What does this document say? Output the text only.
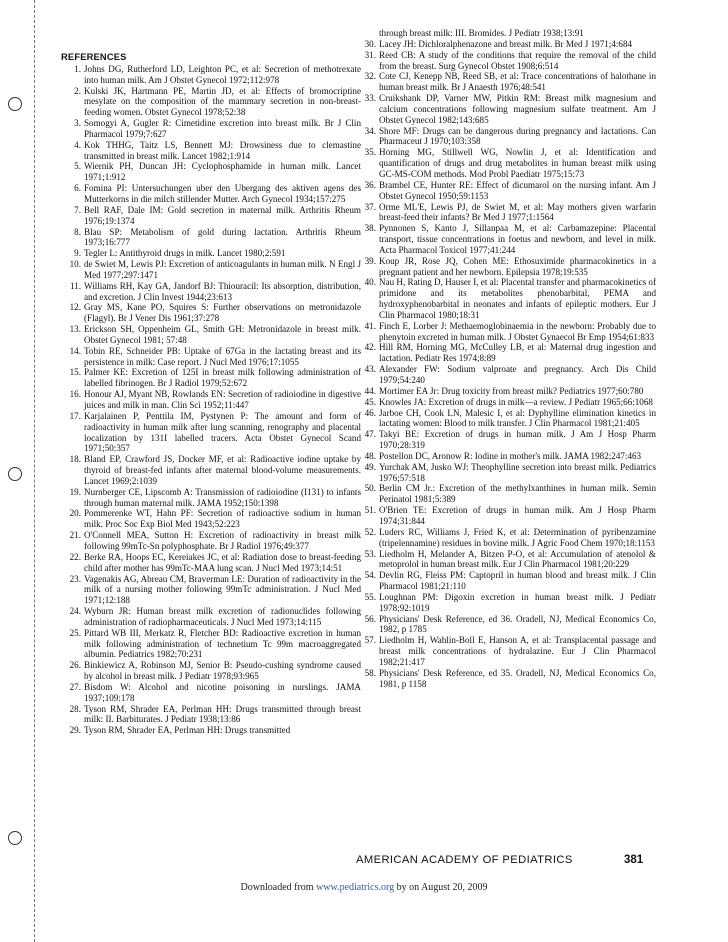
REFERENCES
1. Johns DG, Rutherford LD, Leighton PC, et al: Secretion of methotrexate into human milk. Am J Obstet Gynecol 1972;112:978
2. Kulski JK, Hartmann PE, Martin JD, et al: Effects of bromocriptine mesylate on the composition of the mammary secretion in non-breast-feeding women. Obstet Gynecol 1978;52:38
3. Somogyi A, Gugler R: Cimetidine excretion into breast milk. Br J Clin Pharmacol 1979;7:627
4. Kok THHG, Taitz LS, Bennett MJ: Drowsiness due to clemastine transmitted in breast milk. Lancet 1982;1:914
5. Wiernik PH, Duncan JH: Cyclophosphamide in human milk. Lancet 1971;1:912
6. Fomina PI: Untersuchungen uber den Ubergang des aktiven agens des Mutterkorns in die milch stillender Mutter. Arch Gynecol 1934;157:275
7. Bell RAF, Dale IM: Gold secretion in maternal milk. Arthritis Rheum 1976;19:1374
8. Blau SP: Metabolism of gold during lactation. Arthritis Rheum 1973;16:777
9. Tegler L: Antithyroid drugs in milk. Lancet 1980;2:591
10. de Swiet M, Lewis PJ: Excretion of anticoagulants in human milk. N Engl J Med 1977;297:1471
11. Williams RH, Kay GA, Jandorf BJ: Thiouracil: Its absorption, distribution, and excretion. J Clin Invest 1944;23:613
12. Gray MS, Kane PO, Squires S: Further observations on metronidazole (Flagyl). Br J Vener Dis 1961;37:278
13. Erickson SH, Oppenheim GL, Smith GH: Metronidazole in breast milk. Obstet Gynecol 1981; 57:48
14. Tobin RE, Schneider PB: Uptake of 67Ga in the lactating breast and its persistence in milk: Case report. J Nucl Med 1976;17:1055
15. Palmer KE: Excretion of 125I in breast milk following administration of labelled fibrinogen. Br J Radiol 1979;52:672
16. Honour AJ, Myant NB, Rowlands EN: Secretion of radioiodine in digestive juices and milk in man. Clin Sci 1952;11:447
17. Karjalainen P, Penttila IM, Pystynen P: The amount and form of radioactivity in human milk after lung scanning, renography and placental localization by 131I labelled tracers. Acta Obstet Gynecol Scand 1971;50:357
18. Bland EP, Crawford JS, Docker MF, et al: Radioactive iodine uptake by thyroid of breast-fed infants after maternal blood-volume measurements. Lancet 1969;2:1039
19. Nurnberger CE, Lipscomb A: Transmission of radioiodine (I131) to infants through human maternal milk. JAMA 1952;150:1398
20. Pommerenke WT, Hahn PF: Secretion of radioactive sodium in human milk. Proc Soc Exp Biol Med 1943;52:223
21. O'Connell MEA, Sutton H: Excretion of radioactivity in breast milk following 99mTc-Sn polyphosphate. Br J Radiol 1976;49:377
22. Berke RA, Hoops EC, Kereiakes JC, et al: Radiation dose to breast-feeding child after mother has 99mTc-MAA lung scan. J Nucl Med 1973;14:51
23. Vagenakis AG, Abreau CM, Braverman LE: Duration of radioactivity in the milk of a nursing mother following 99mTc administration. J Nucl Med 1971;12:188
24. Wyburn JR: Human breast milk excretion of radionuclides following administration of radiopharmaceuticals. J Nucl Med 1973;14:115
25. Pittard WB III, Merkatz R, Fletcher BD: Radioactive excretion in human milk following administration of technetium Tc 99m macroaggregated albumin. Pediatrics 1982;70:231
26. Binkiewicz A, Robinson MJ, Senior B: Pseudo-cushing syndrome caused by alcohol in breast milk. J Pediatr 1978;93:965
27. Bisdom W: Alcohol and nicotine poisoning in nurslings. JAMA 1937;109:178
28. Tyson RM, Shrader EA, Perlman HH: Drugs transmitted through breast milk: II. Barbiturates. J Pediatr 1938;13:86
29. Tyson RM, Shrader EA, Perlman HH: Drugs transmitted
through breast milk: III. Bromides. J Pediatr 1938;13:91
30. Lacey JH: Dichloralphenazone and breast milk. Br Med J 1971;4:684
31. Reed CB: A study of the conditions that require the removal of the child from the breast. Surg Gynecol Obstet 1908;6:514
32. Cote CJ, Kenepp NB, Reed SB, et al: Trace concentrations of halothane in human breast milk. Br J Anaesth 1976;48:541
33. Cruikshank DP, Varner MW, Pitkin RM: Breast milk magnesium and calcium concentrations following magnesium sulfate treatment. Am J Obstet Gynecol 1982;143:685
34. Shore MF: Drugs can be dangerous during pregnancy and lactations. Can Pharmaceut J 1970;103:358
35. Horning MG, Stillwell WG, Nowlin J, et al: Identification and quantification of drugs and drug metabolites in human breast milk using GC-MS-COM methods. Mod Probl Paediatr 1975;15:73
36. Brambel CE, Hunter RE: Effect of dicumarol on the nursing infant. Am J Obstet Gynecol 1950;59:1153
37. Orme ML'E, Lewis PJ, de Swiet M, et al: May mothers given warfarin breast-feed their infants? Br Med J 1977;1:1564
38. Pynnonen S, Kanto J, Sillanpaa M, et al: Carbamazepine: Placental transport, tissue concentrations in foetus and newborn, and level in milk. Acta Pharmacol Toxicol 1977;41:244
39. Koup JR, Rose JQ, Cohen ME: Ethosuximide pharmacokinetics in a pregnant patient and her newborn. Epilepsia 1978;19:535
40. Nau H, Rating D, Hauser I, et al: Placental transfer and pharmacokinetics of primidone and its metabolites phenobarbital, PEMA and hydroxyphenobarbital in neonates and infants of epileptic mothers. Eur J Clin Pharmacol 1980;18:31
41. Finch E, Lorber J: Methaemoglobinaemia in the newborn: Probably due to phenytoin excreted in human milk. J Obstet Gynaecol Br Emp 1954;61:833
42. Hill RM, Horning MG, McCulley LB, et al: Maternal drug ingestion and lactation. Pediatr Res 1974;8:89
43. Alexander FW: Sodium valproate and pregnancy. Arch Dis Child 1979;54:240
44. Mortimer EA Jr: Drug toxicity from breast milk? Pediatrics 1977;60:780
45. Knowles JA: Excretion of drugs in milk—a review. J Pediatr 1965;66:1068
46. Jarboe CH, Cook LN, Malesic I, et al: Dyphylline elimination kinetics in lactating women: Blood to milk transfer. J Clin Pharmacol 1981;21:405
47. Takyi BE: Excretion of drugs in human milk. J Am J Hosp Pharm 1970;28:319
48. Postellon DC, Aronow R: Iodine in mother's milk. JAMA 1982;247:463
49. Yurchak AM, Jusko WJ: Theophylline secretion into breast milk. Pediatrics 1976;57:518
50. Berlin CM Jr.: Excretion of the methylxanthines in human milk. Semin Perinatol 1981;5:389
51. O'Brien TE: Excretion of drugs in human milk. Am J Hosp Pharm 1974;31:844
52. Luders RC, Williams J, Fried K, et al: Determination of pyribenzamine (tripelennamine) residues in bovine milk. J Agric Food Chem 1970;18:1153
53. Liedholm H, Melander A, Bitzen P-O, et al: Accumulation of atenolol & metoprolol in human breast milk. Eur J Clin Pharmacol 1981;20:229
54. Devlin RG, Fleiss PM: Captopril in human blood and breast milk. J Clin Pharmacol 1981;21:110
55. Loughnan PM: Digoxin excretion in human breast milk. J Pediatr 1978;92:1019
56. Physicians' Desk Reference, ed 36. Oradell, NJ, Medical Economics Co, 1982, p 1785
57. Liedholm H, Wahlin-Boll E, Hanson A, et al: Transplacental passage and breast milk concentrations of hydralazine. Eur J Clin Pharmacol 1982;21:417
58. Physicians' Desk Reference, ed 35. Oradell, NJ, Medical Economics Co, 1981, p 1158
AMERICAN ACADEMY OF PEDIATRICS	381
Downloaded from www.pediatrics.org by on August 20, 2009
